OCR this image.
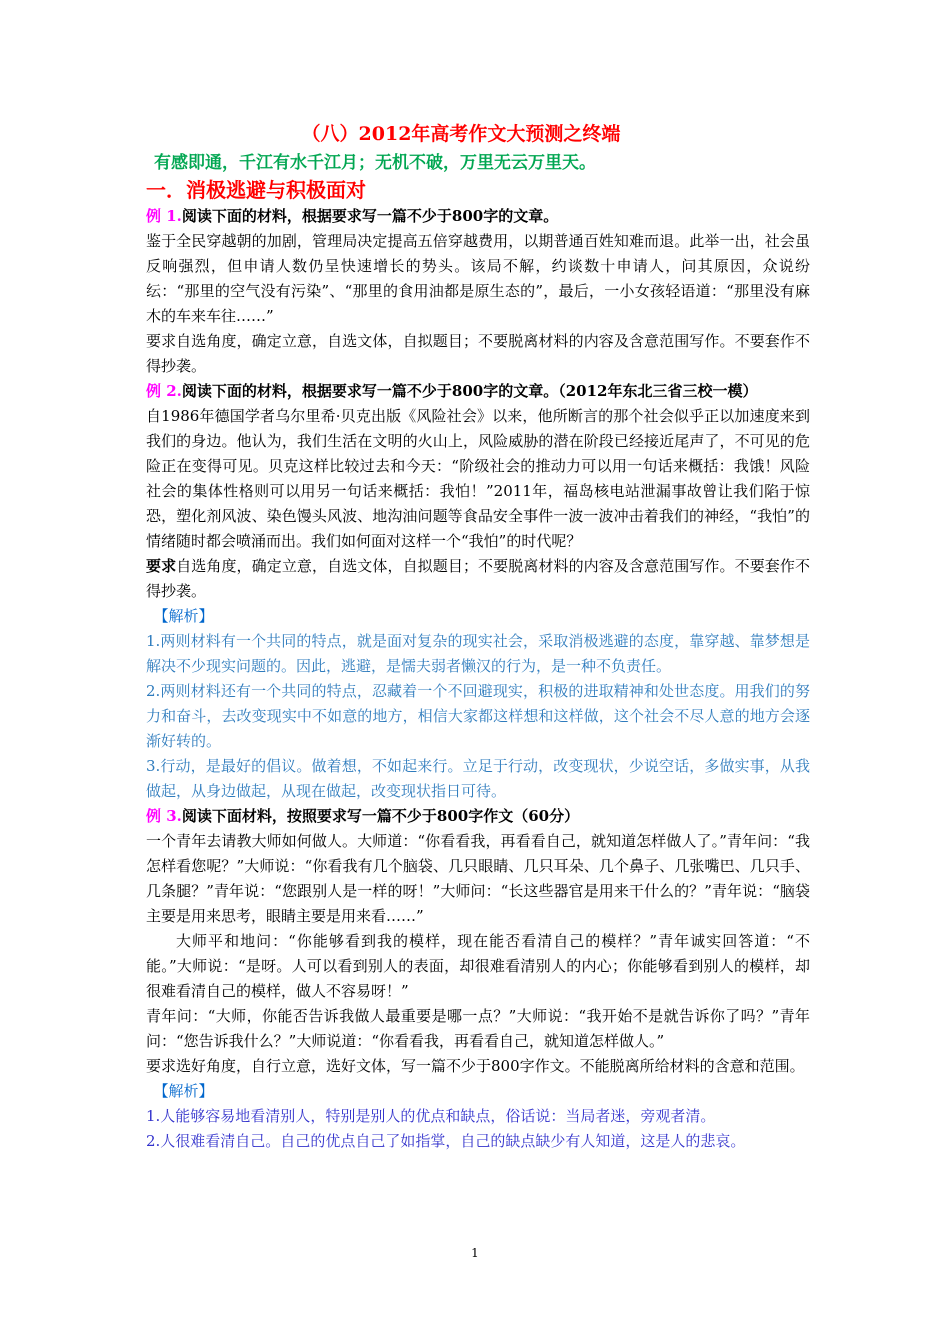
（八）2012年高考作文大预测之终端
有感即通，千江有水千江月；无机不破，万里无云万里天。
一．消极逃避与积极面对

例 1.阅读下面的材料，根据要求写一篇不少于800字的文章。

鉴于全民穿越朝的加剧，管理局决定提高五倍穿越费用，以期普通百姓知难而退。此举一出，社会虽反响强烈，但申请人数仍呈快速增长的势头。该局不解，约谈数十申请人，问其原因，众说纷纭：“那里的空气没有污染”、“那里的食用油都是原生态的”，最后，一小女孩轻语道：“那里没有麻木的车来车往……”

要求自选角度，确定立意，自选文体，自拟题目；不要脱离材料的内容及含意范围写作。不要套作不得抄袭。

例 2.阅读下面的材料，根据要求写一篇不少于800字的文章。（2012年东北三省三校一模）

自1986年德国学者乌尔里希·贝克出版《风险社会》以来，他所断言的那个社会似乎正以加速度来到我们的身边。他认为，我们生活在文明的火山上，风险威胁的潜在阶段已经接近尾声了，不可见的危险正在变得可见。贝克这样比较过去和今天：“阶级社会的推动力可以用一句话来概括：我饿！风险社会的集体性格则可以用另一句话来概括：我怕！”2011年，福岛核电站泄漏事故曾让我们陷于惊恐，塑化剂风波、染色馒头风波、地沟油问题等食品安全事件一波一波冲击着我们的神经，“我怕”的情绪随时都会喷涌而出。我们如何面对这样一个“我怕”的时代呢？

要求自选角度，确定立意，自选文体，自拟题目；不要脱离材料的内容及含意范围写作。不要套作不得抄袭。

【解析】

1.两则材料有一个共同的特点，就是面对复杂的现实社会，采取消极逃避的态度，靠穿越、靠梦想是解决不少现实问题的。因此，逃避，是懦夫弱者懒汉的行为，是一种不负责任。

2.两则材料还有一个共同的特点，忍藏着一个不回避现实，积极的进取精神和处世态度。用我们的努力和奋斗，去改变现实中不如意的地方，相信大家都这样想和这样做，这个社会不尽人意的地方会逐渐好转的。

3.行动，是最好的倡议。做着想，不如起来行。立足于行动，改变现状，少说空话，多做实事，从我做起，从身边做起，从现在做起，改变现状指日可待。

例 3.阅读下面材料，按照要求写一篇不少于800字作文（60分）

一个青年去请教大师如何做人。大师道：“你看看我，再看看自己，就知道怎样做人了。”青年问：“我怎样看您呢？”大师说：“你看我有几个脑袋、几只眼睛、几只耳朵、几个鼻子、几张嘴巴、几只手、几条腿？”青年说：“您跟别人是一样的呀！”大师问：“长这些器官是用来干什么的？”青年说：“脑袋主要是用来思考，眼睛主要是用来看……”

大师平和地问：“你能够看到我的模样，现在能否看清自己的模样？”青年诚实回答道：“不能。”大师说：“是呀。人可以看到别人的表面，却很难看清别人的内心；你能够看到别人的模样，却很难看清自己的模样，做人不容易呀！”

青年问：“大师，你能否告诉我做人最重要是哪一点？”大师说：“我开始不是就告诉你了吗？”青年问：“您告诉我什么？”大师说道：“你看看我，再看看自己，就知道怎样做人。”

要求选好角度，自行立意，选好文体，写一篇不少于800字作文。不能脱离所给材料的含意和范围。

【解析】

1.人能够容易地看清别人，特别是别人的优点和缺点，俗话说：当局者迷，旁观者清。

2.人很难看清自己。自己的优点自己了如指掌，自己的缺点缺少有人知道，这是人的悲哀。

1
